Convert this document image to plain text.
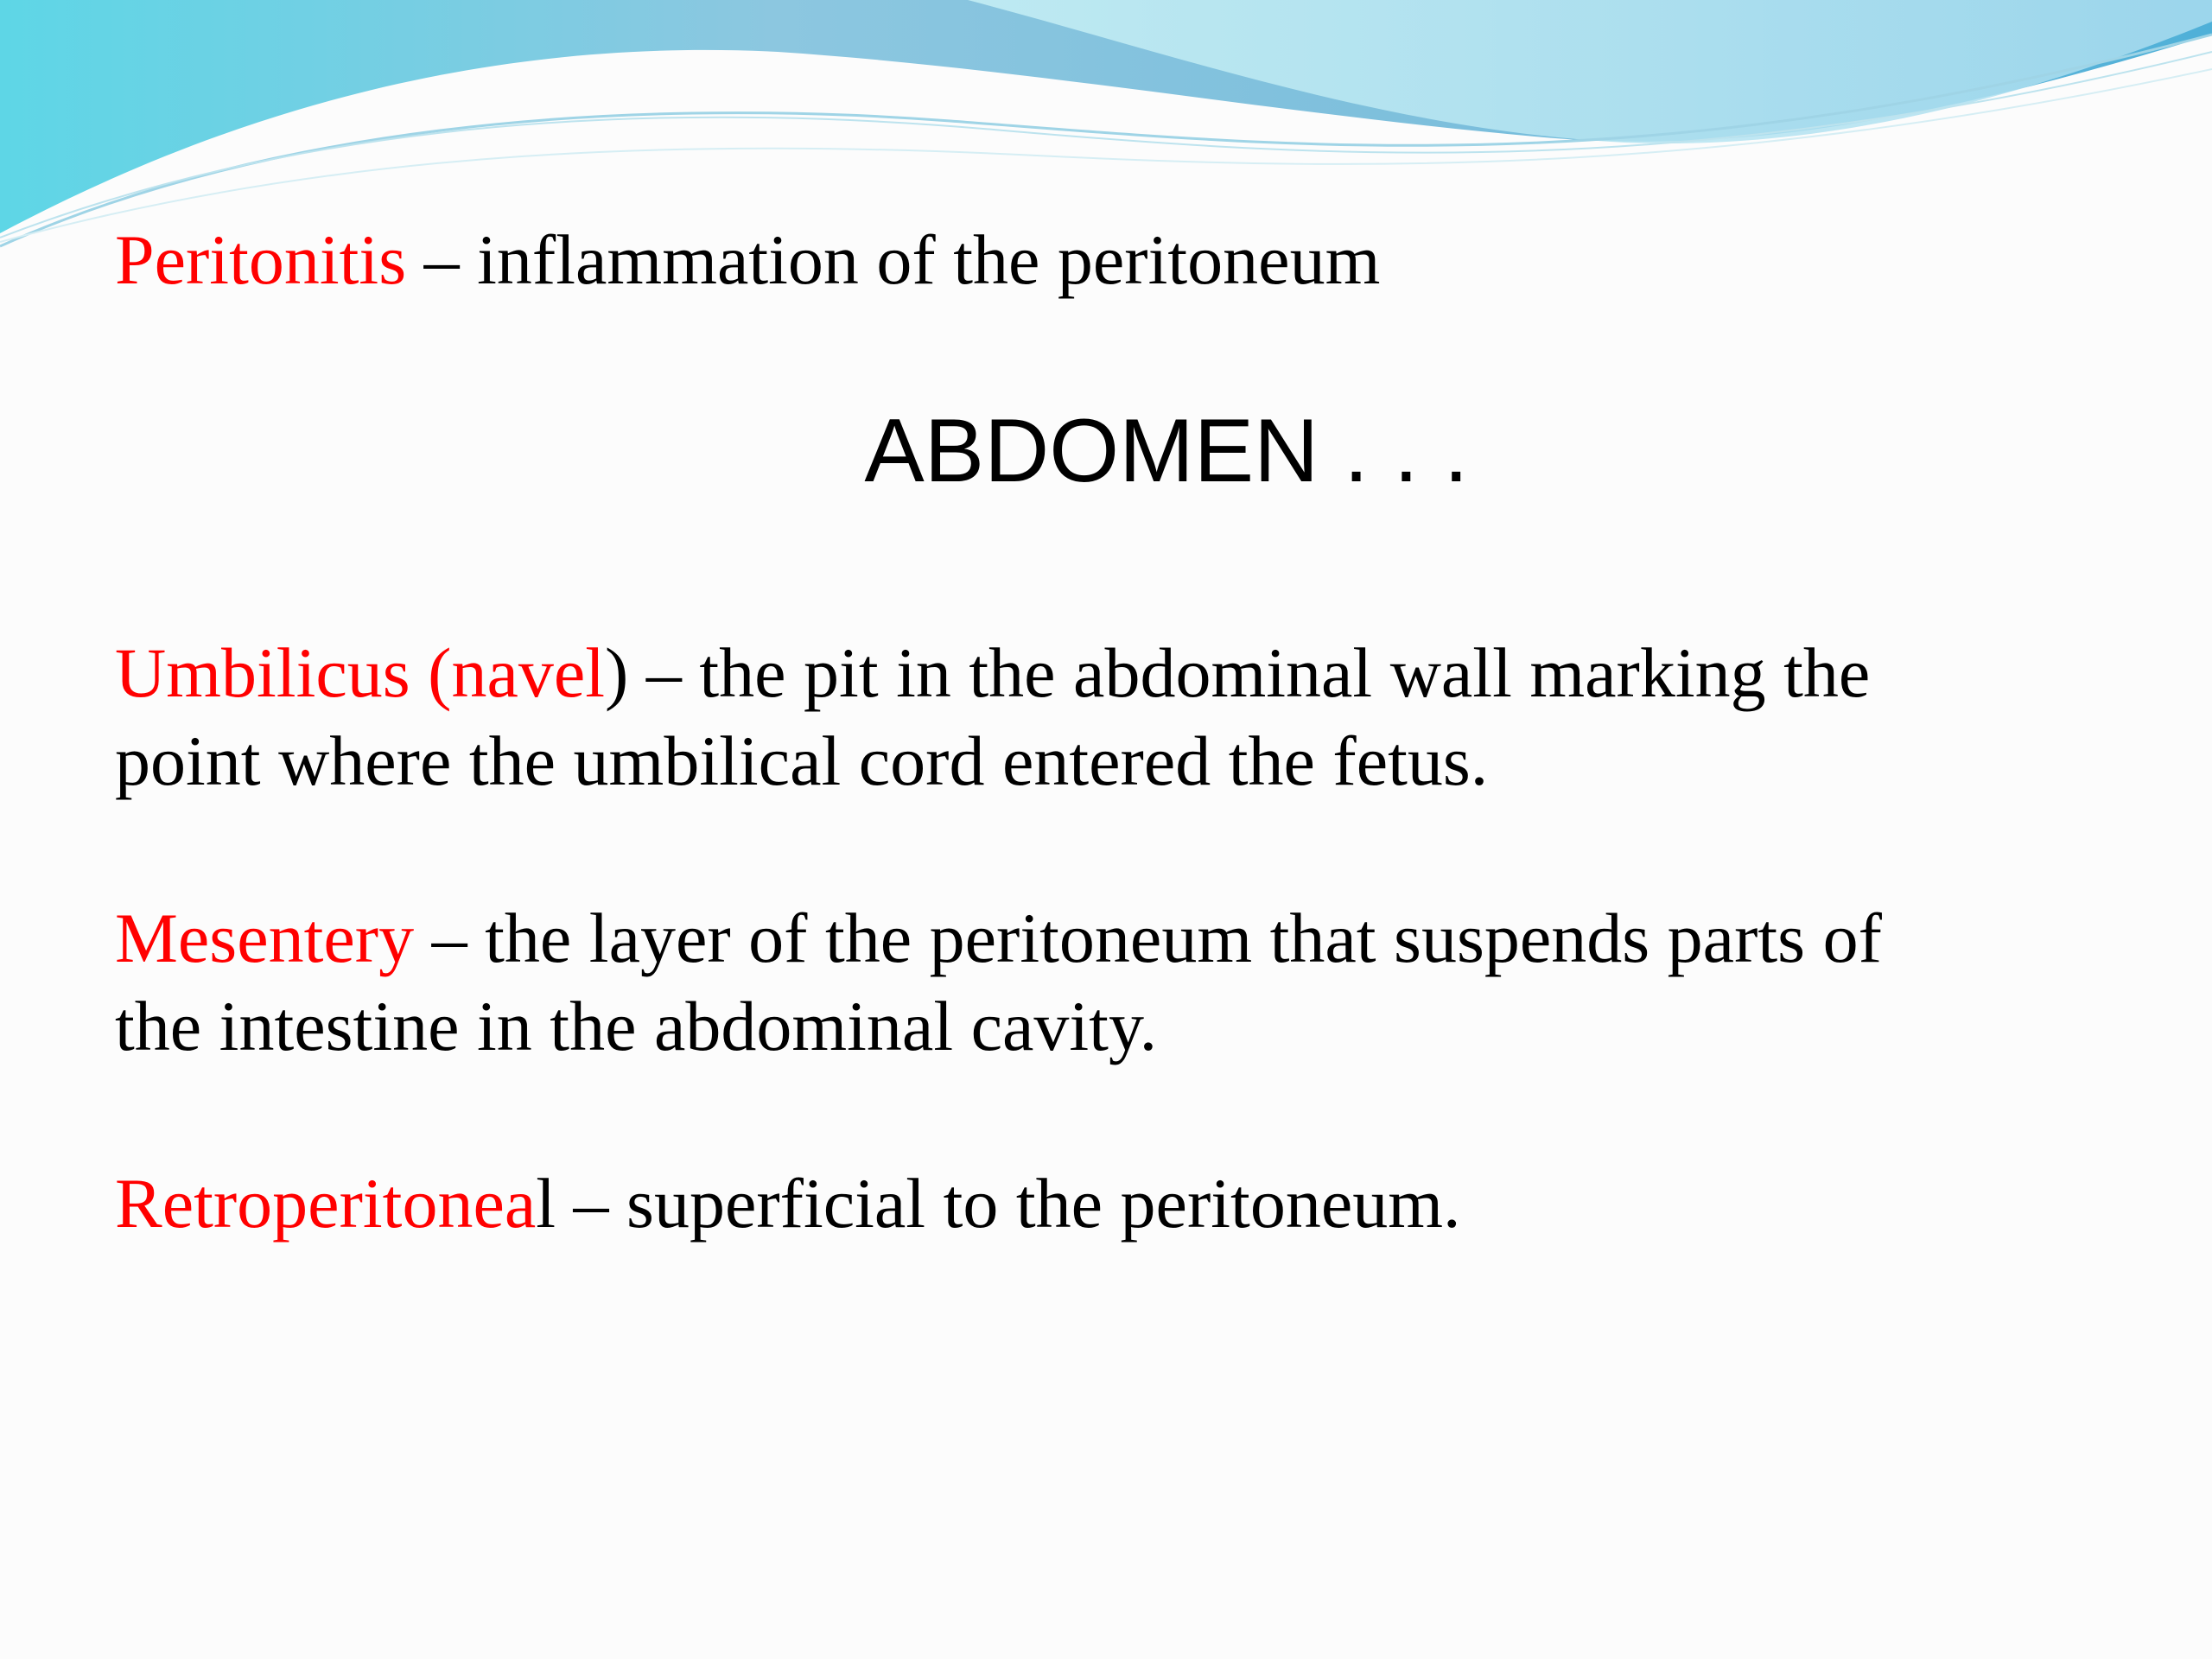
Peritonitis – inflammation of the peritoneum

ABDOMEN . . .

Umbilicus (navel) – the pit in the abdominal wall marking the

point where the umbilical cord entered the fetus.

Mesentery – the layer of the peritoneum that suspends parts of

the intestine in the abdominal cavity.

Retroperitoneal – superficial to the peritoneum.
